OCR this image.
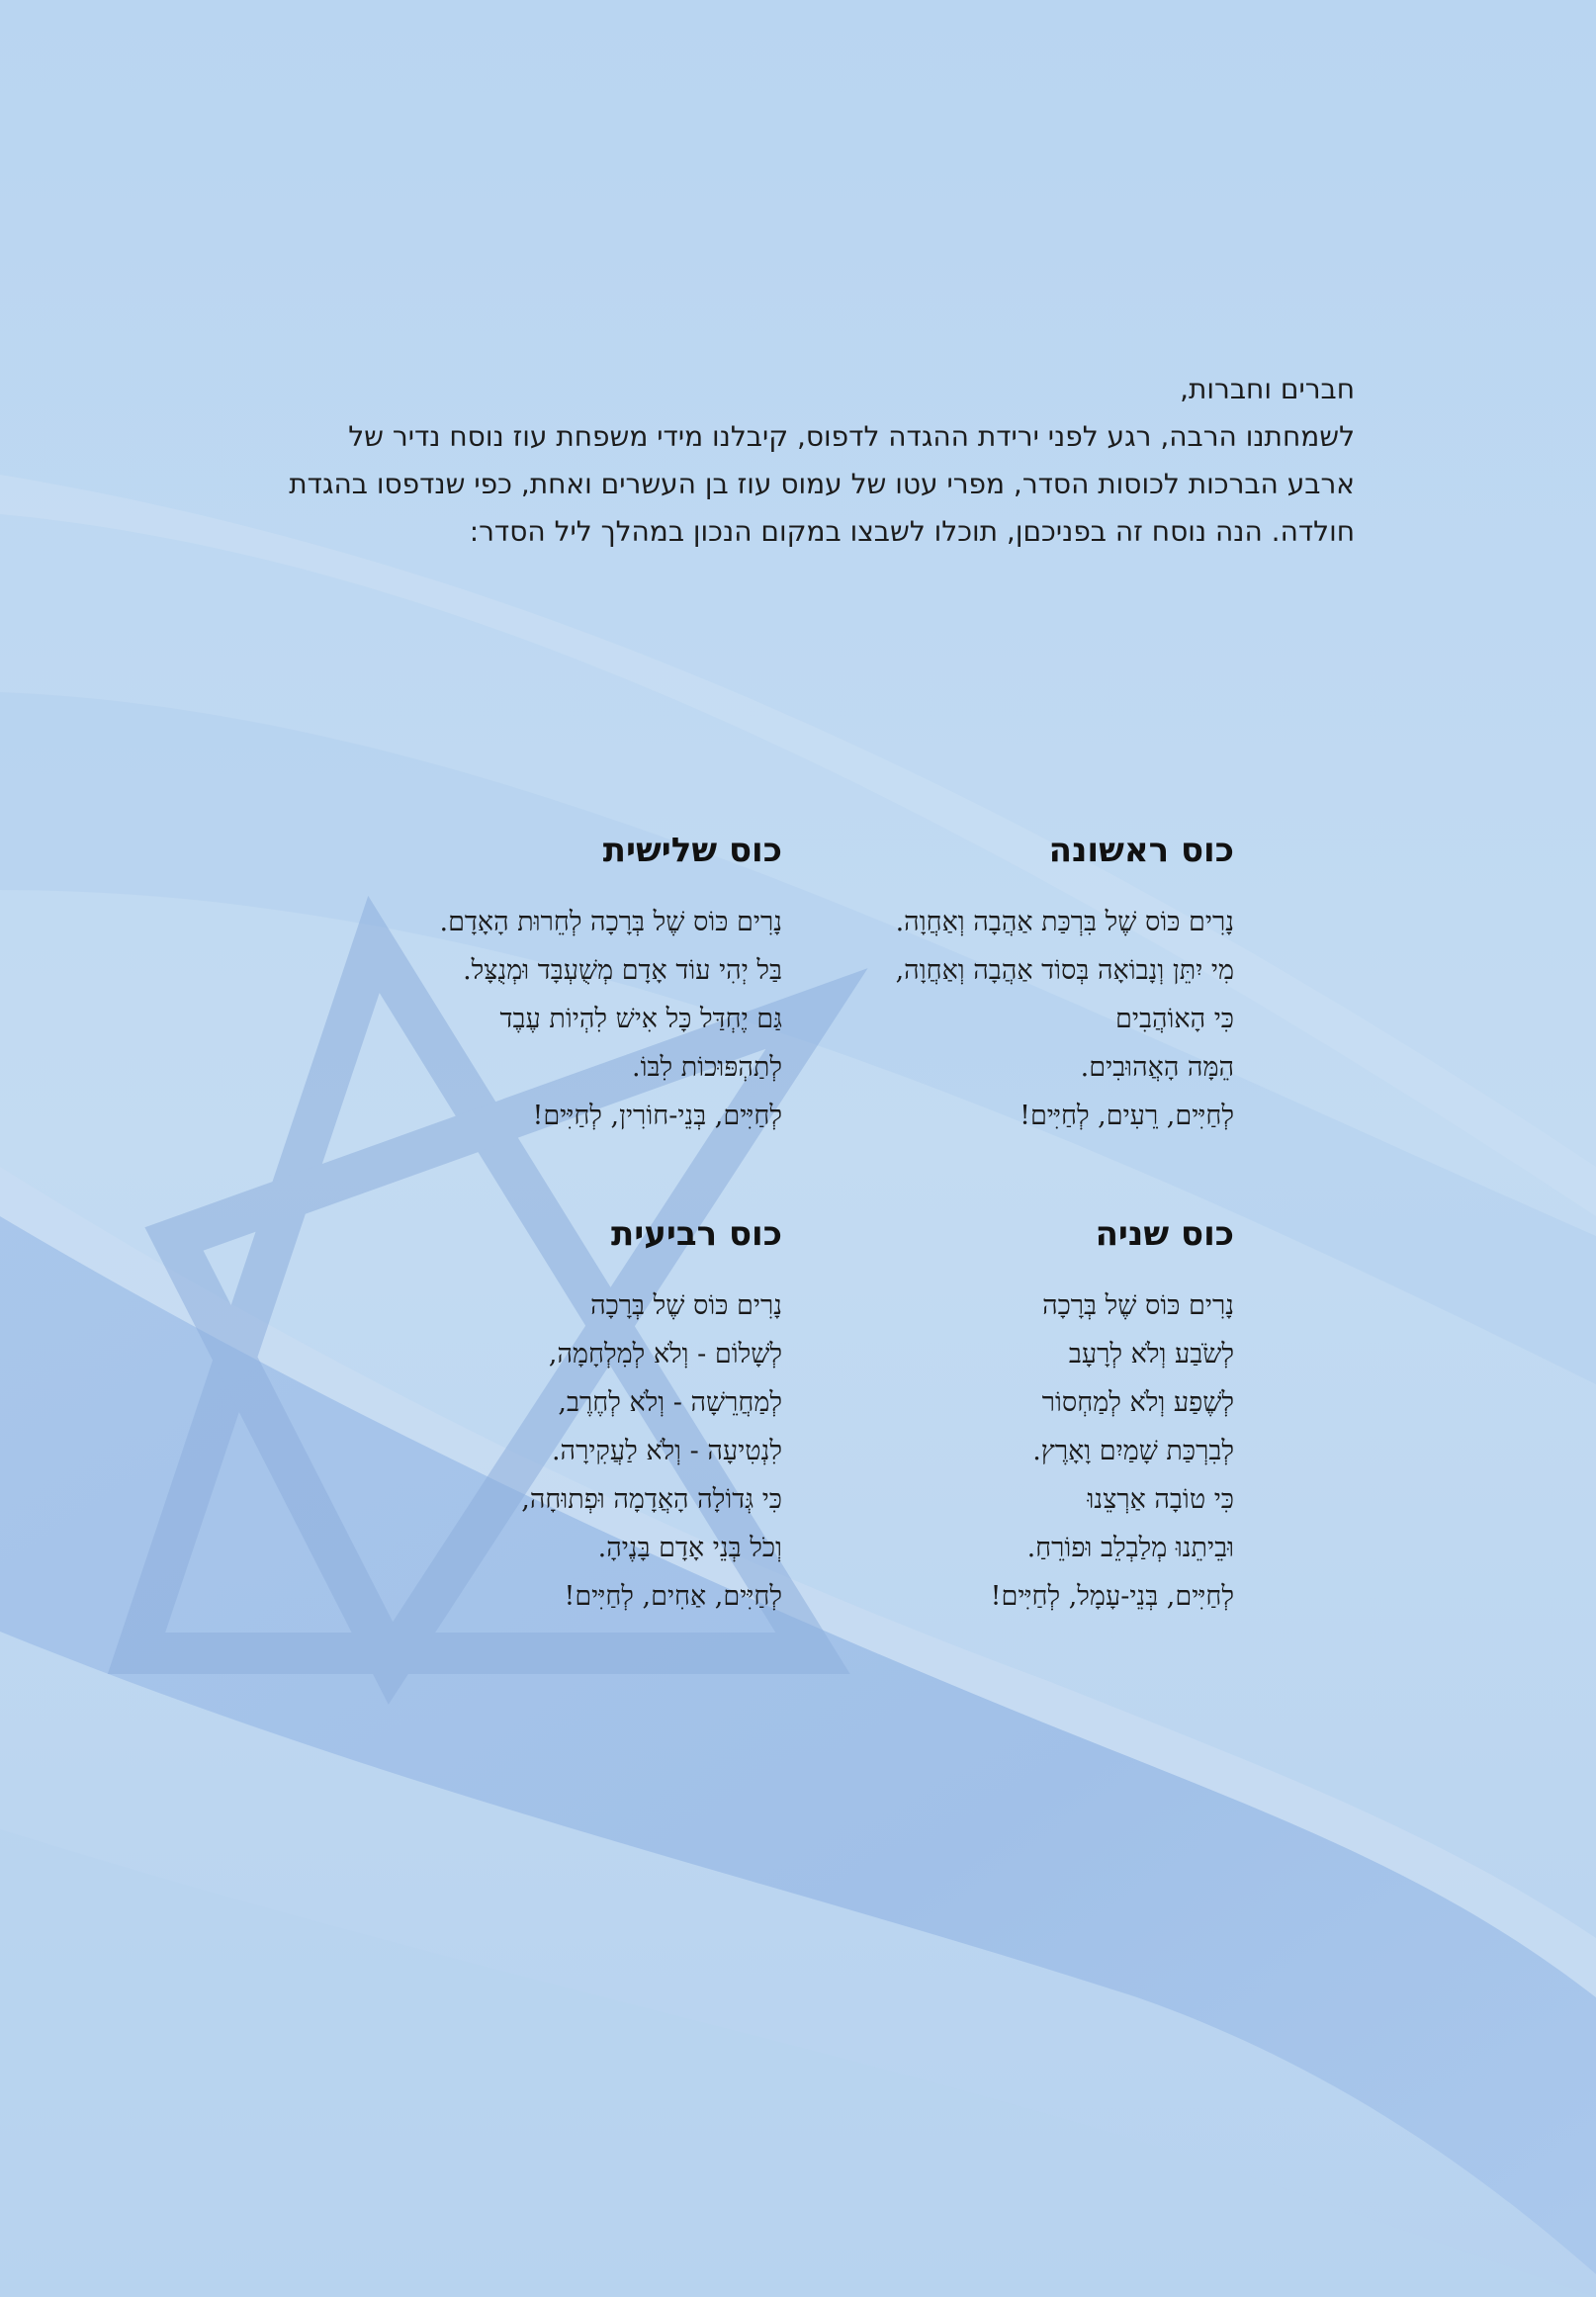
חברים וחברות,

לשמחתנו הרבה, רגע לפני ירידת ההגדה לדפוס, קיבלנו מידי משפחת עוז נוסח נדיר של

ארבע הברכות לכוסות הסדר, מפרי עטו של עמוס עוז בן העשרים ואחת, כפי שנדפסו בהגדת

חולדה. הנה נוסח זה בפניכםן, תוכלו לשבצו במקום הנכון במהלך ליל הסדר:

כוס ראשונה
נָרִים כּוֹס שֶׁל בִּרְכַּת אַהֲבָה וְאַחֲוָה.
מִי יִתֵּן וְנָבוֹאָה בְּסוֹד אַהֲבָה וְאַחֲוָה,
כִּי הָאוֹהֲבִים
הֵמָּה הָאֲהוּבִים.
לְחַיִּים, רֵעִים, לְחַיִּים!
כוס שלישית
נָרִים כּוֹס שֶׁל בְּרָכָה לְחֵרוּת הָאָדָם.
בַּל יְהִי עוֹד אָדָם מְשֻׁעְבָּד וּמְנֻצָּל.
גַּם יֶחְדַּל כָּל אִישׁ לִהְיוֹת עֶבֶד
לְתַהְפּוּכוֹת לִבּוֹ.
לְחַיִּים, בְּנֵי-חוֹרִין, לְחַיִּים!
כוס שניה
נָרִים כּוֹס שֶׁל בְּרָכָה
לְשֹׂבַע וְלֹא לְרָעָב
לְשֶׁפַע וְלֹא לְמַחְסוֹר
לְבִרְכַּת שָׁמַיִם וָאָרֶץ.
כִּי טוֹבָה אַרְצֵנוּ
וּבֵיתֵנוּ מְלַבְלֵב וּפוֹרֵחַ.
לְחַיִּים, בְּנֵי-עָמָל, לְחַיִּים!
כוס רביעית
נָרִים כּוֹס שֶׁל בְּרָכָה
לְשָׁלוֹם - וְלֹא לְמִלְחָמָה,
לְמַחֲרֵשָׁה - וְלֹא לְחֶרֶב,
לִנְטִיעָה - וְלֹא לַעֲקִירָה.
כִּי גְּדוֹלָה הָאֲדָמָה וּפְתוּחָה,
וְכֹל בְּנֵי אָדָם בָּנֶיהָ.
לְחַיִּים, אַחִים, לְחַיִּים!
